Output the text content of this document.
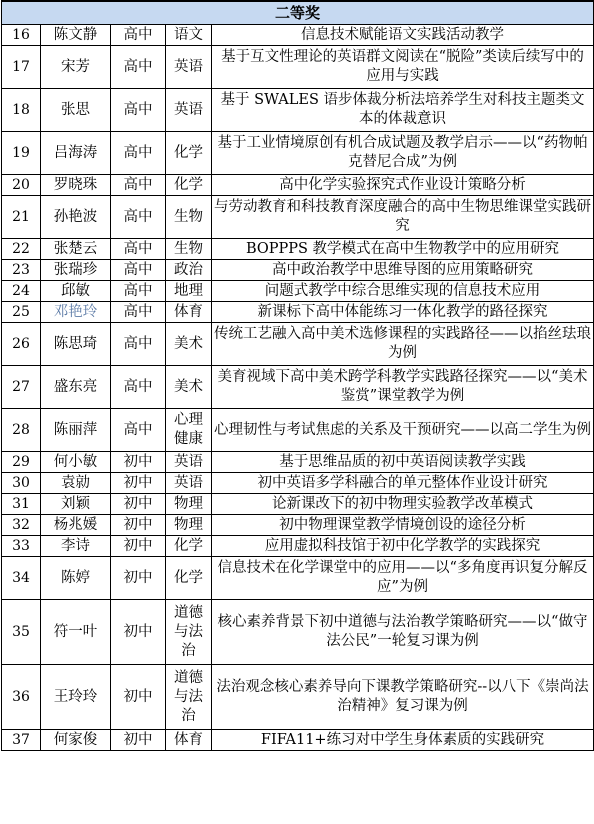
二等奖				
16	陈文静	高中	语文	信息技术赋能语文实践活动教学
17	宋芳	高中	英语	基于互文性理论的英语群文阅读在“脱险”类读后续写中的应用与实践
18	张思	高中	英语	基于 SWALES 语步体裁分析法培养学生对科技主题类文本的体裁意识
19	吕海涛	高中	化学	基于工业情境原创有机合成试题及教学启示——以“药物帕克替尼合成”为例
20	罗晓珠	高中	化学	高中化学实验探究式作业设计策略分析
21	孙艳波	高中	生物	与劳动教育和科技教育深度融合的高中生物思维课堂实践研究
22	张楚云	高中	生物	BOPPPS 教学模式在高中生物教学中的应用研究
23	张瑞珍	高中	政治	高中政治教学中思维导图的应用策略研究
24	邱敏	高中	地理	问题式教学中综合思维实现的信息技术应用
25	邓艳玲	高中	体育	新课标下高中体能练习一体化教学的路径探究
26	陈思琦	高中	美术	传统工艺融入高中美术选修课程的实践路径——以掐丝珐琅为例
27	盛东亮	高中	美术	美育视域下高中美术跨学科教学实践路径探究——以“美术鉴赏”课堂教学为例
28	陈丽萍	高中	心理健康	心理韧性与考试焦虑的关系及干预研究——以高二学生为例
29	何小敏	初中	英语	基于思维品质的初中英语阅读教学实践
30	袁勍	初中	英语	初中英语多学科融合的单元整体作业设计研究
31	刘颖	初中	物理	论新课改下的初中物理实验教学改革模式
32	杨兆媛	初中	物理	初中物理课堂教学情境创设的途径分析
33	李诗	初中	化学	应用虚拟科技馆于初中化学教学的实践探究
34	陈婷	初中	化学	信息技术在化学课堂中的应用——以“多角度再识复分解反应”为例
35	符一叶	初中	道德与法治	核心素养背景下初中道德与法治教学策略研究——以“做守法公民”一轮复习课为例
36	王玲玲	初中	道德与法治	法治观念核心素养导向下课教学策略研究--以八下《崇尚法治精神》复习课为例
37	何家俊	初中	体育	FIFA11+练习对中学生身体素质的实践研究
